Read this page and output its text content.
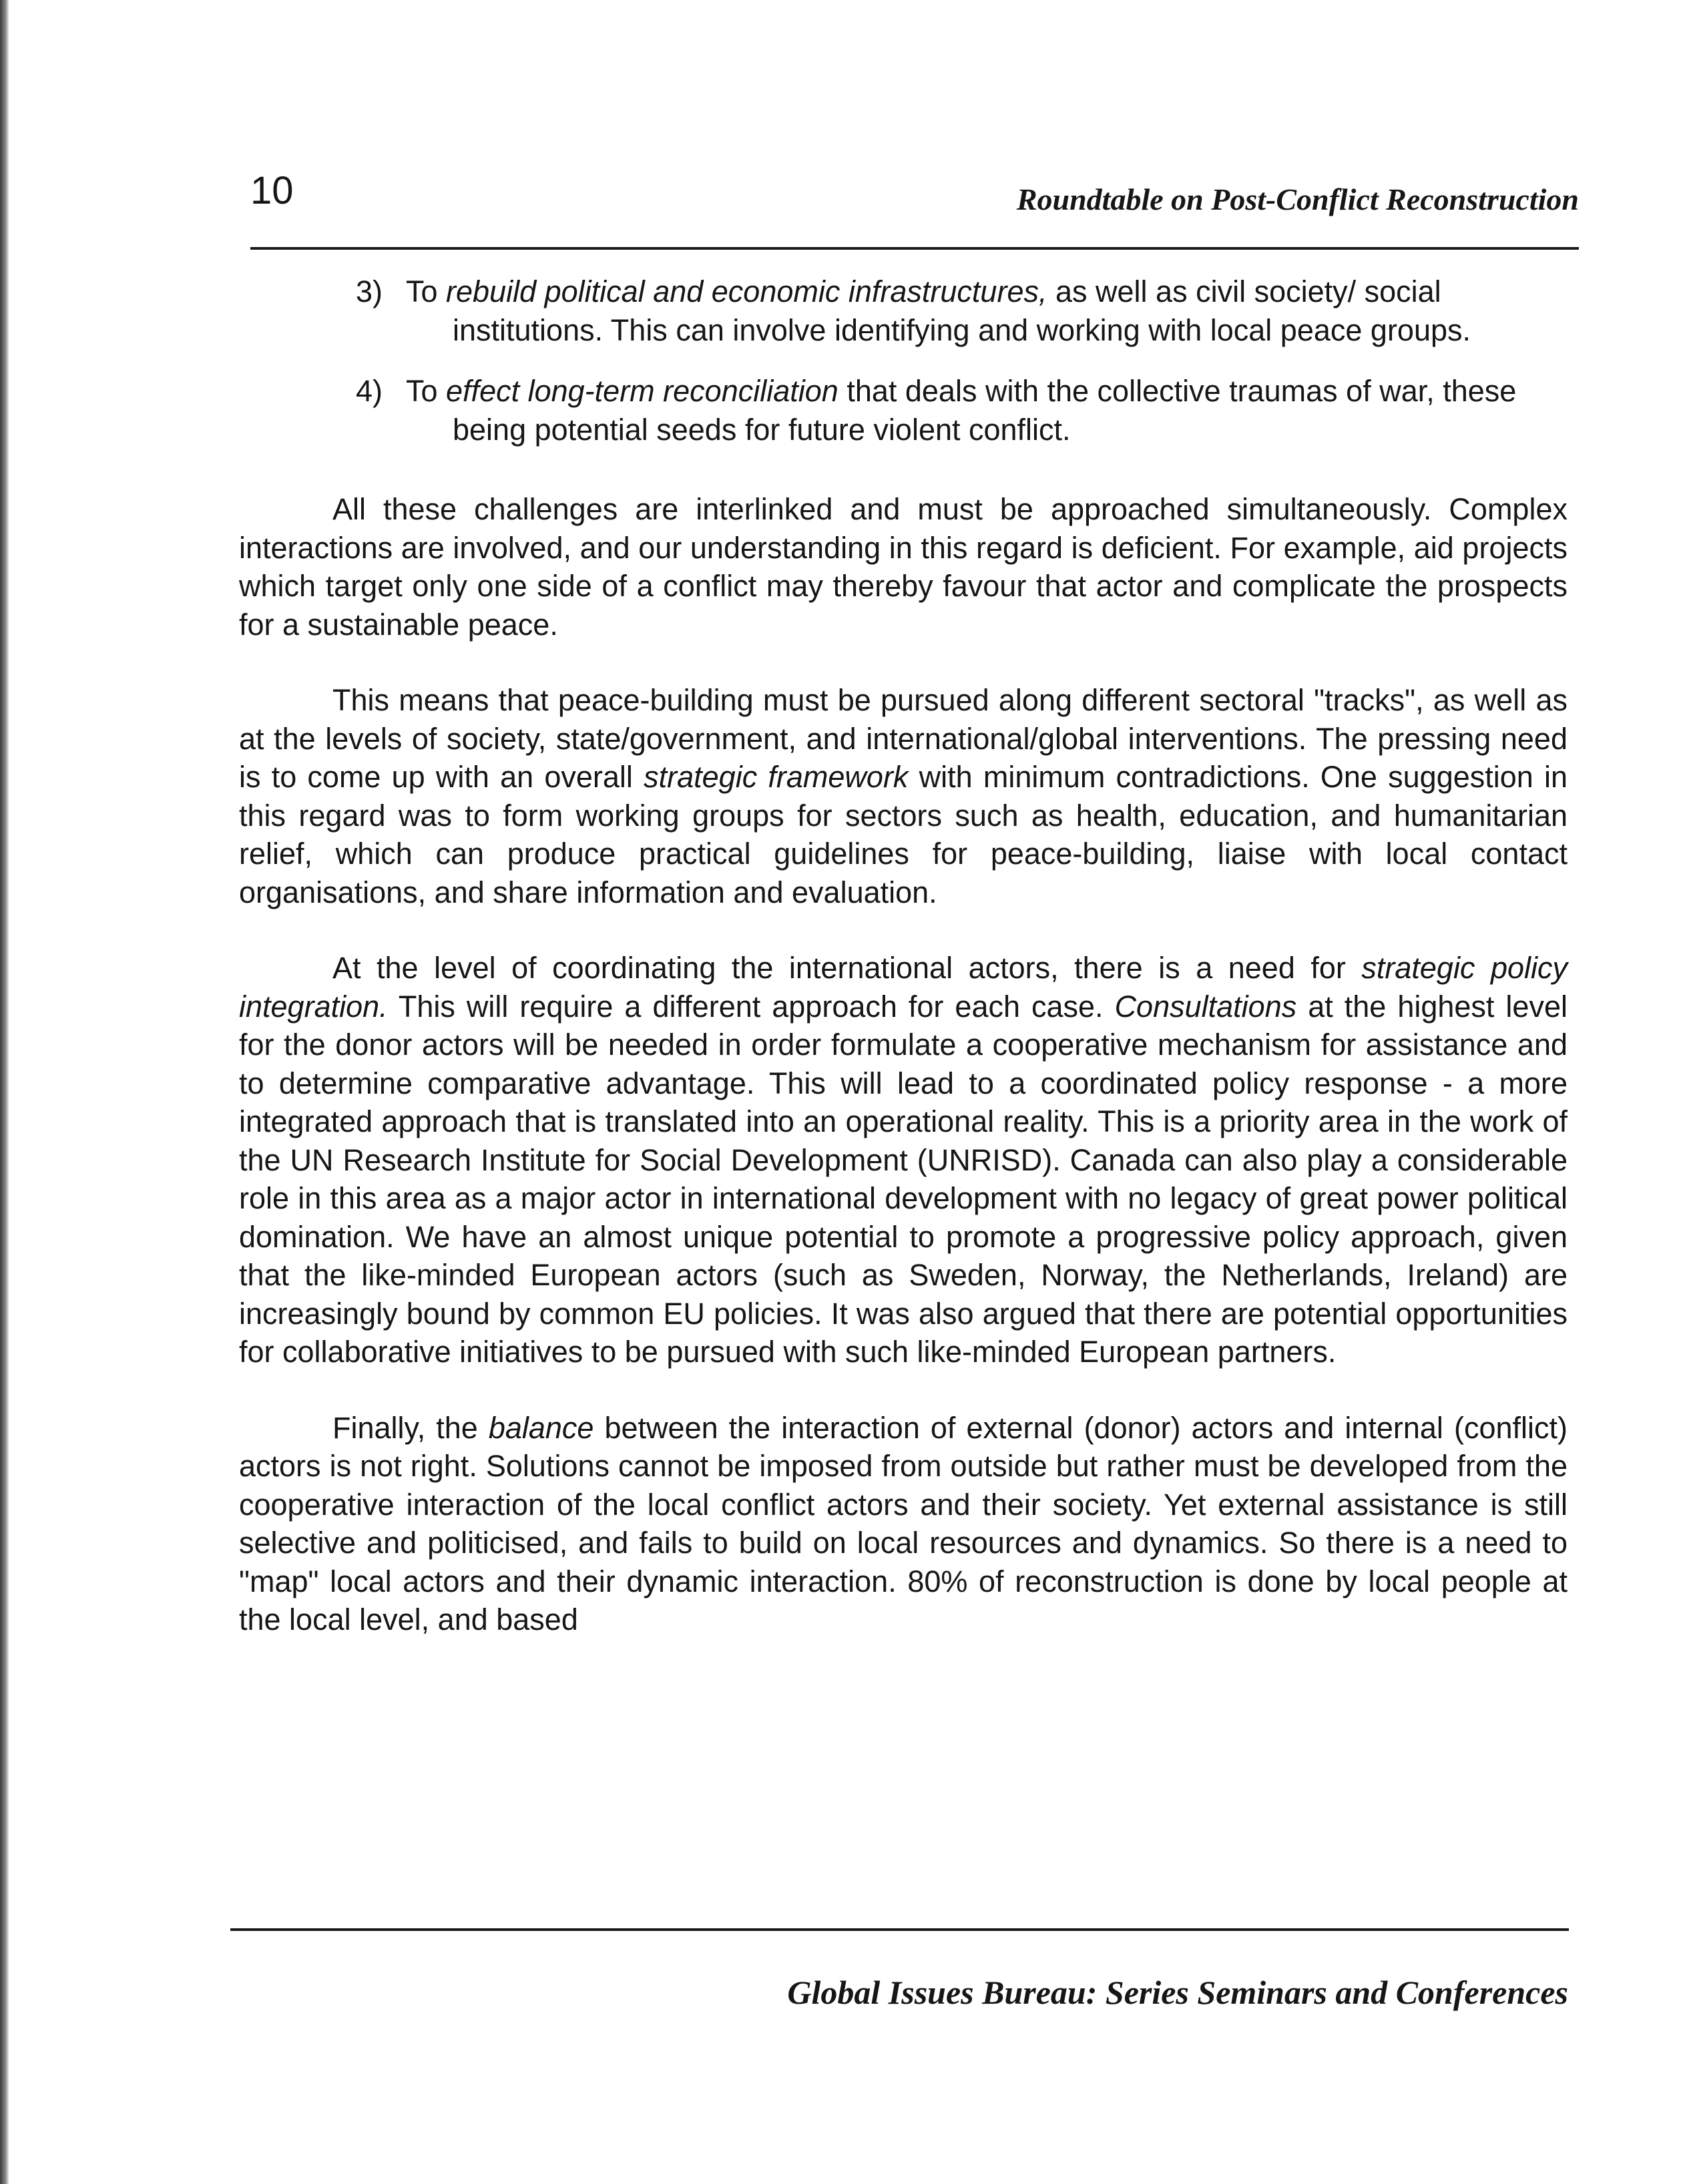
10	Roundtable on Post-Conflict Reconstruction
3) To rebuild political and economic infrastructures, as well as civil society/ social institutions. This can involve identifying and working with local peace groups.
4) To effect long-term reconciliation that deals with the collective traumas of war, these being potential seeds for future violent conflict.

All these challenges are interlinked and must be approached simultaneously. Complex interactions are involved, and our understanding in this regard is deficient. For example, aid projects which target only one side of a conflict may thereby favour that actor and complicate the prospects for a sustainable peace.

This means that peace-building must be pursued along different sectoral "tracks", as well as at the levels of society, state/government, and international/global interventions. The pressing need is to come up with an overall strategic framework with minimum contradictions. One suggestion in this regard was to form working groups for sectors such as health, education, and humanitarian relief, which can produce practical guidelines for peace-building, liaise with local contact organisations, and share information and evaluation.

At the level of coordinating the international actors, there is a need for strategic policy integration. This will require a different approach for each case. Consultations at the highest level for the donor actors will be needed in order formulate a cooperative mechanism for assistance and to determine comparative advantage. This will lead to a coordinated policy response - a more integrated approach that is translated into an operational reality. This is a priority area in the work of the UN Research Institute for Social Development (UNRISD). Canada can also play a considerable role in this area as a major actor in international development with no legacy of great power political domination. We have an almost unique potential to promote a progressive policy approach, given that the like-minded European actors (such as Sweden, Norway, the Netherlands, Ireland) are increasingly bound by common EU policies. It was also argued that there are potential opportunities for collaborative initiatives to be pursued with such like-minded European partners.

Finally, the balance between the interaction of external (donor) actors and internal (conflict) actors is not right. Solutions cannot be imposed from outside but rather must be developed from the cooperative interaction of the local conflict actors and their society. Yet external assistance is still selective and politicised, and fails to build on local resources and dynamics. So there is a need to "map" local actors and their dynamic interaction. 80% of reconstruction is done by local people at the local level, and based

Global Issues Bureau: Series Seminars and Conferences
